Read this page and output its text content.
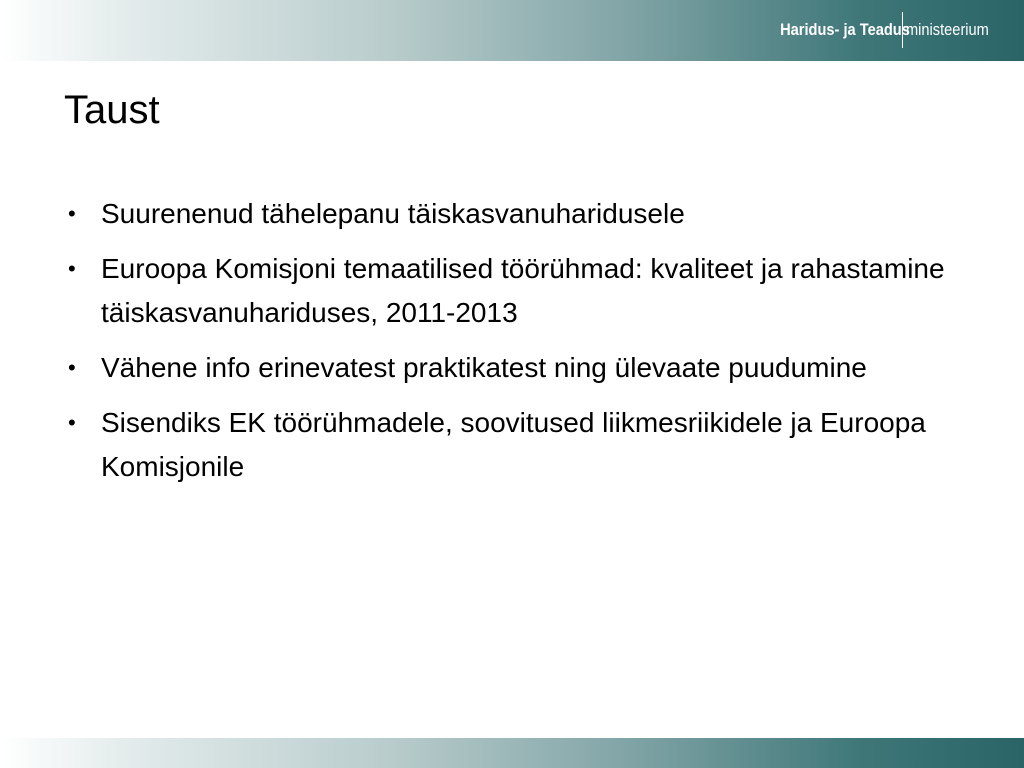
Haridus- ja Teadus
ministeerium
Taust
• Suurenenud tähelepanu täiskasvanuharidusele
• Euroopa Komisjoni temaatilised töörühmad: kvaliteet ja rahastamine täiskasvanuhariduses, 2011-2013
• Vähene info erinevatest praktikatest ning ülevaate puudumine
• Sisendiks EK töörühmadele, soovitused liikmesriikidele ja Euroopa Komisjonile
